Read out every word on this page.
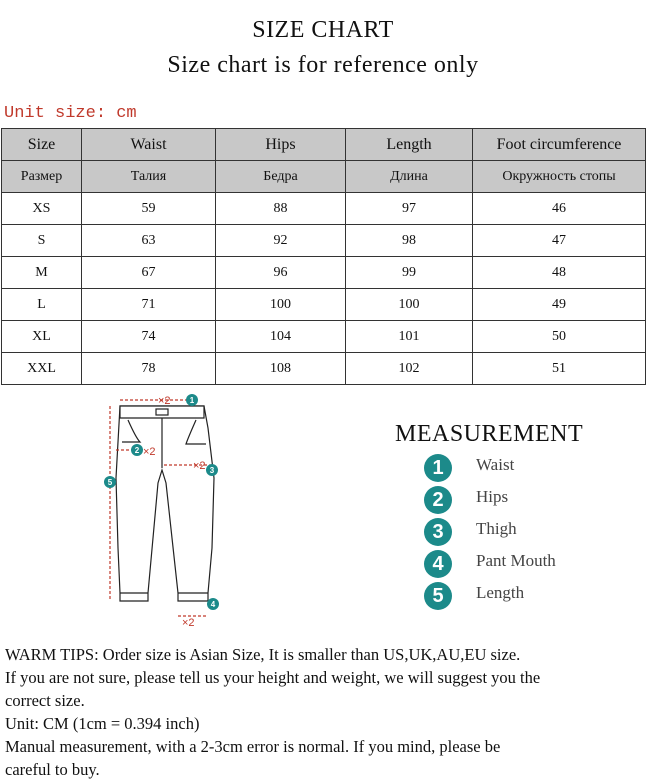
SIZE CHART
Size chart is for reference only
Unit size: cm
Size	Waist	Hips	Length	Foot circumference
Размер	Талия	Бедра	Длина	Окружность стопы
XS	59	88	97	46
S	63	92	98	47
M	67	96	99	48
L	71	100	100	49
XL	74	104	101	50
XXL	78	108	102	51
×2
×2
×2
×2
1
2
3
4
5
MEASUREMENT
1	Waist
2	Hips
3	Thigh
4	Pant Mouth
5	Length
WARM TIPS: Order size is Asian Size, It is smaller than US,UK,AU,EU size.
If you are not sure, please tell us your height and weight, we will suggest you the
correct size.
Unit: CM (1cm = 0.394 inch)
Manual measurement, with a 2-3cm error is normal. If you mind, please be
careful to buy.
